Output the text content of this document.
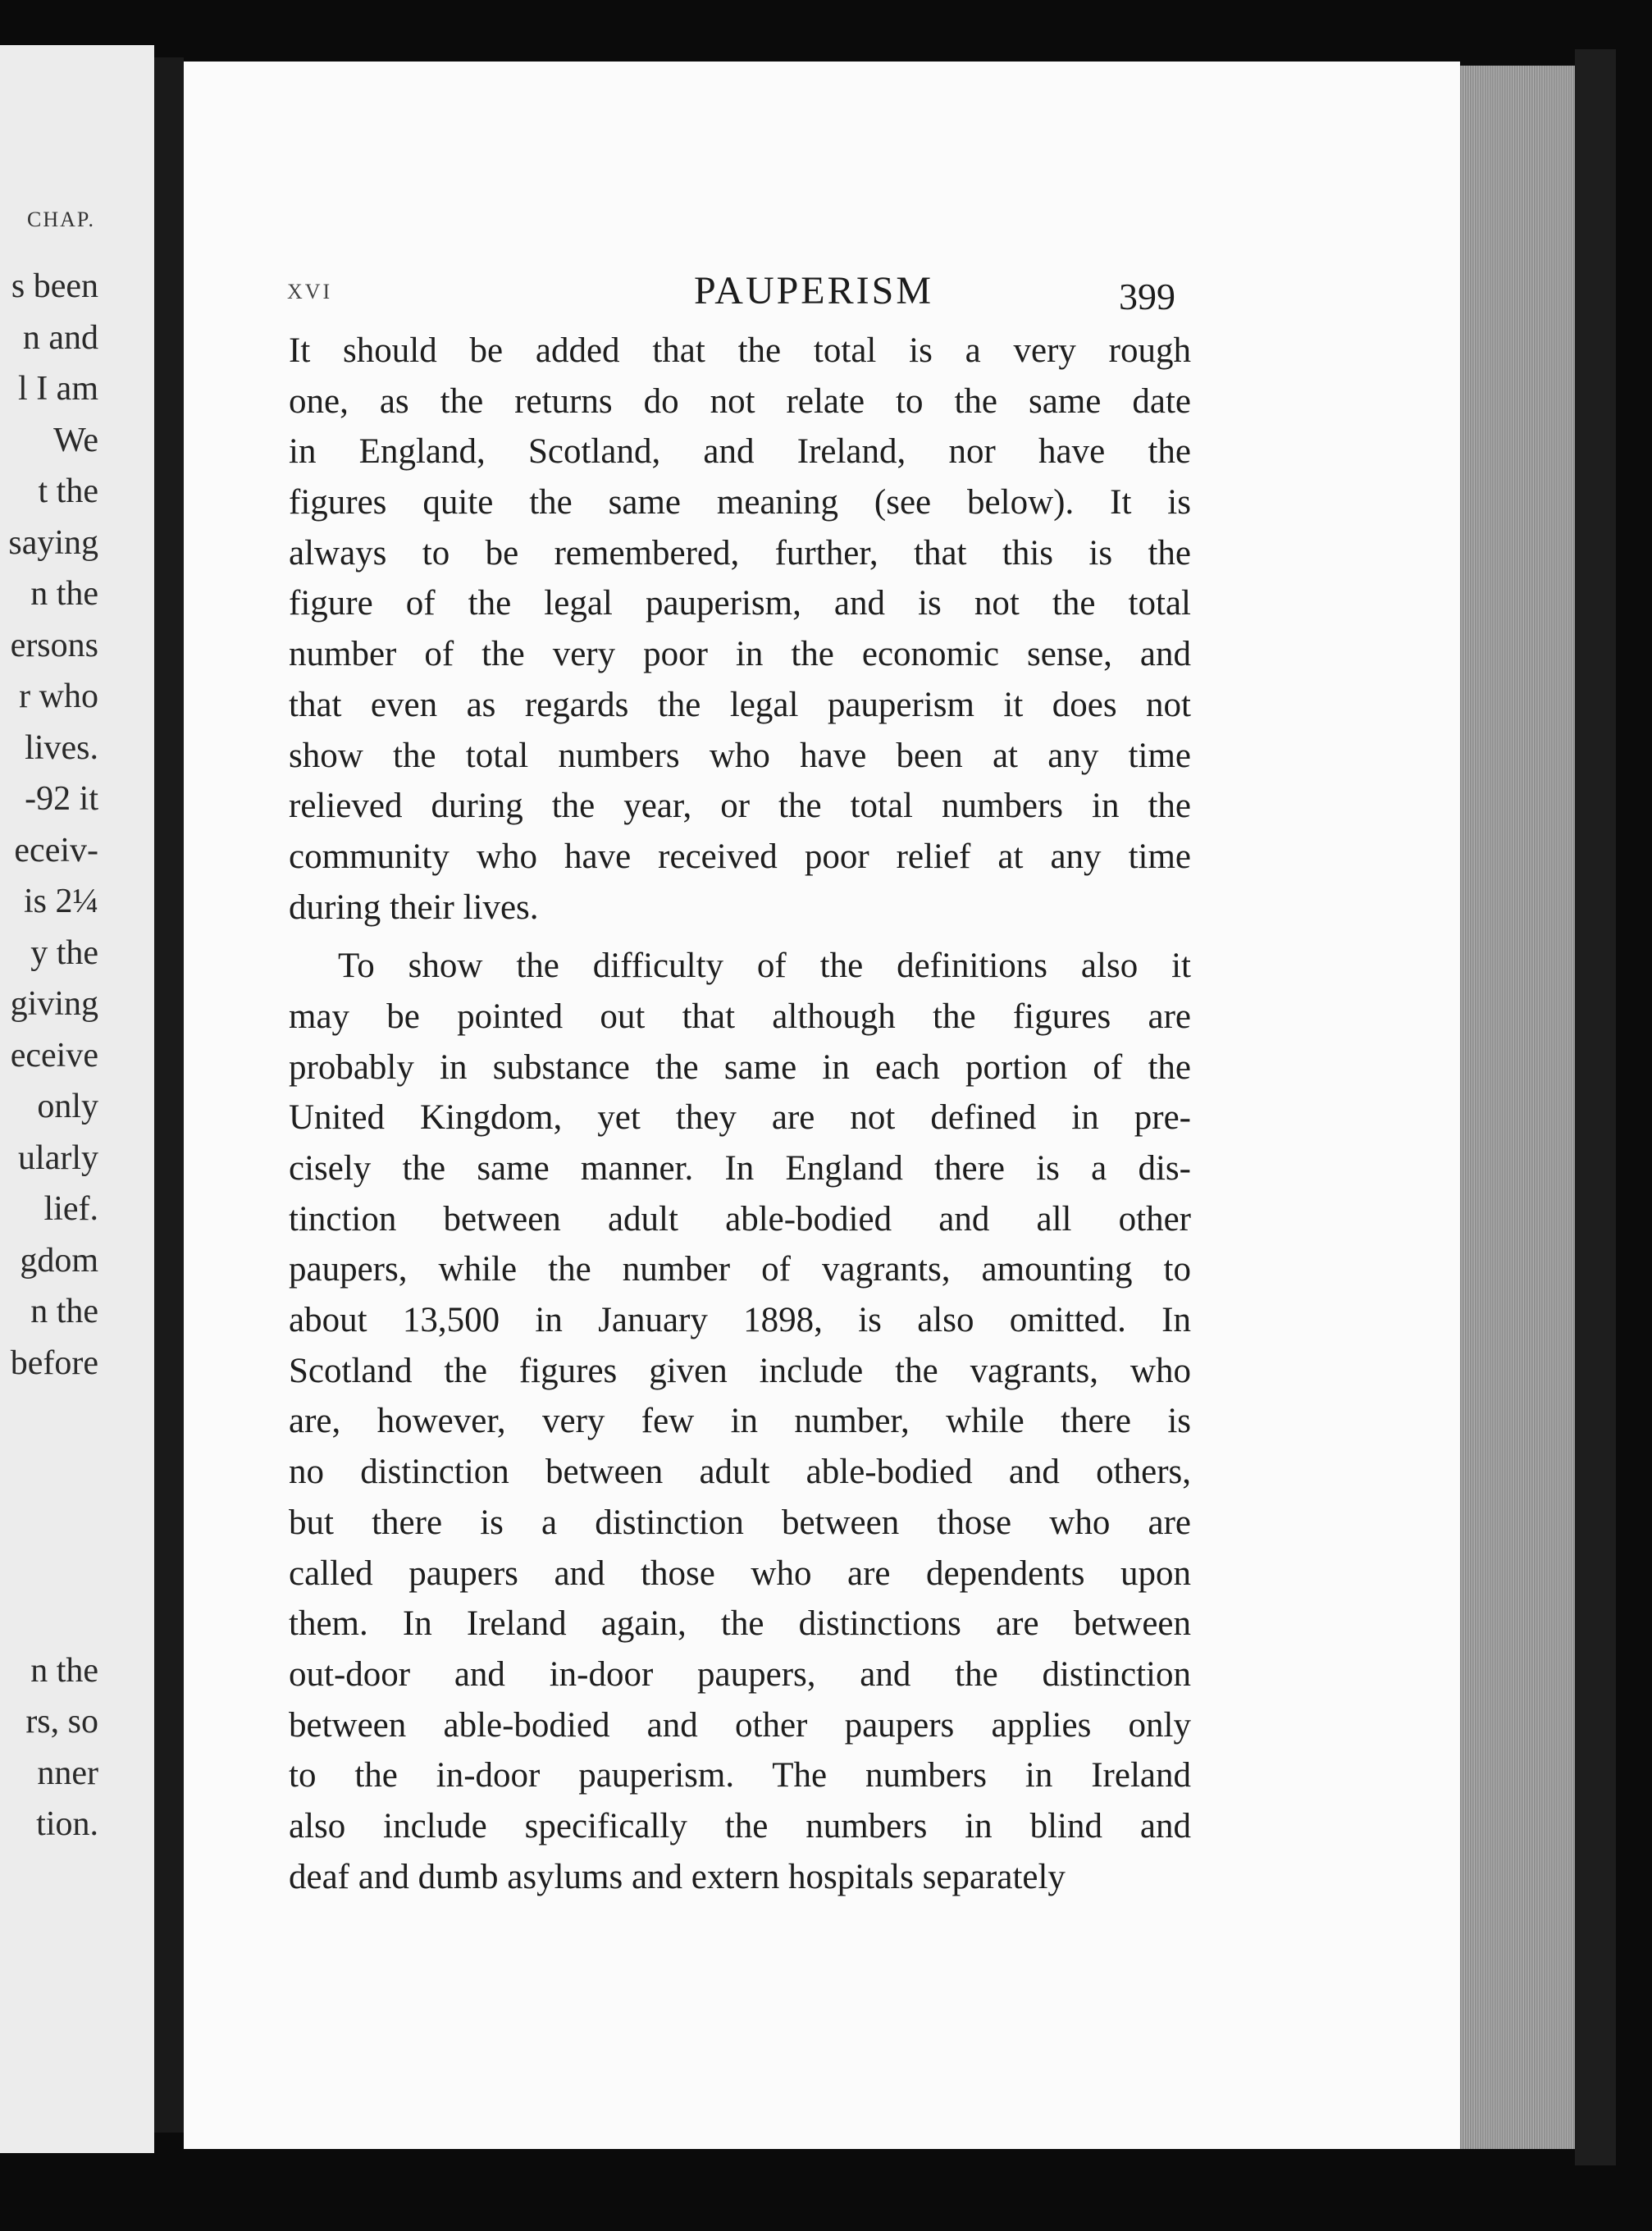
CHAP.
s been
n and
l I am
We
t the
saying
n the
ersons
r who
lives.
-92 it
eceiv-
is 2¼
y the
giving
eceive
only
ularly
lief.
gdom
n the
before
n the
rs, so
nner
tion.
XVI	PAUPERISM	399
It should be added that the total is a very rough
one, as the returns do not relate to the same date
in England, Scotland, and Ireland, nor have the
figures quite the same meaning (see below). It is
always to be remembered, further, that this is the
figure of the legal pauperism, and is not the total
number of the very poor in the economic sense, and
that even as regards the legal pauperism it does not
show the total numbers who have been at any time
relieved during the year, or the total numbers in the
community who have received poor relief at any time
during their lives.
To show the difficulty of the definitions also it
may be pointed out that although the figures are
probably in substance the same in each portion of the
United Kingdom, yet they are not defined in pre-
cisely the same manner. In England there is a dis-
tinction between adult able-bodied and all other
paupers, while the number of vagrants, amounting to
about 13,500 in January 1898, is also omitted. In
Scotland the figures given include the vagrants, who
are, however, very few in number, while there is
no distinction between adult able-bodied and others,
but there is a distinction between those who are
called paupers and those who are dependents upon
them. In Ireland again, the distinctions are between
out-door and in-door paupers, and the distinction
between able-bodied and other paupers applies only
to the in-door pauperism. The numbers in Ireland
also include specifically the numbers in blind and
deaf and dumb asylums and extern hospitals separately
